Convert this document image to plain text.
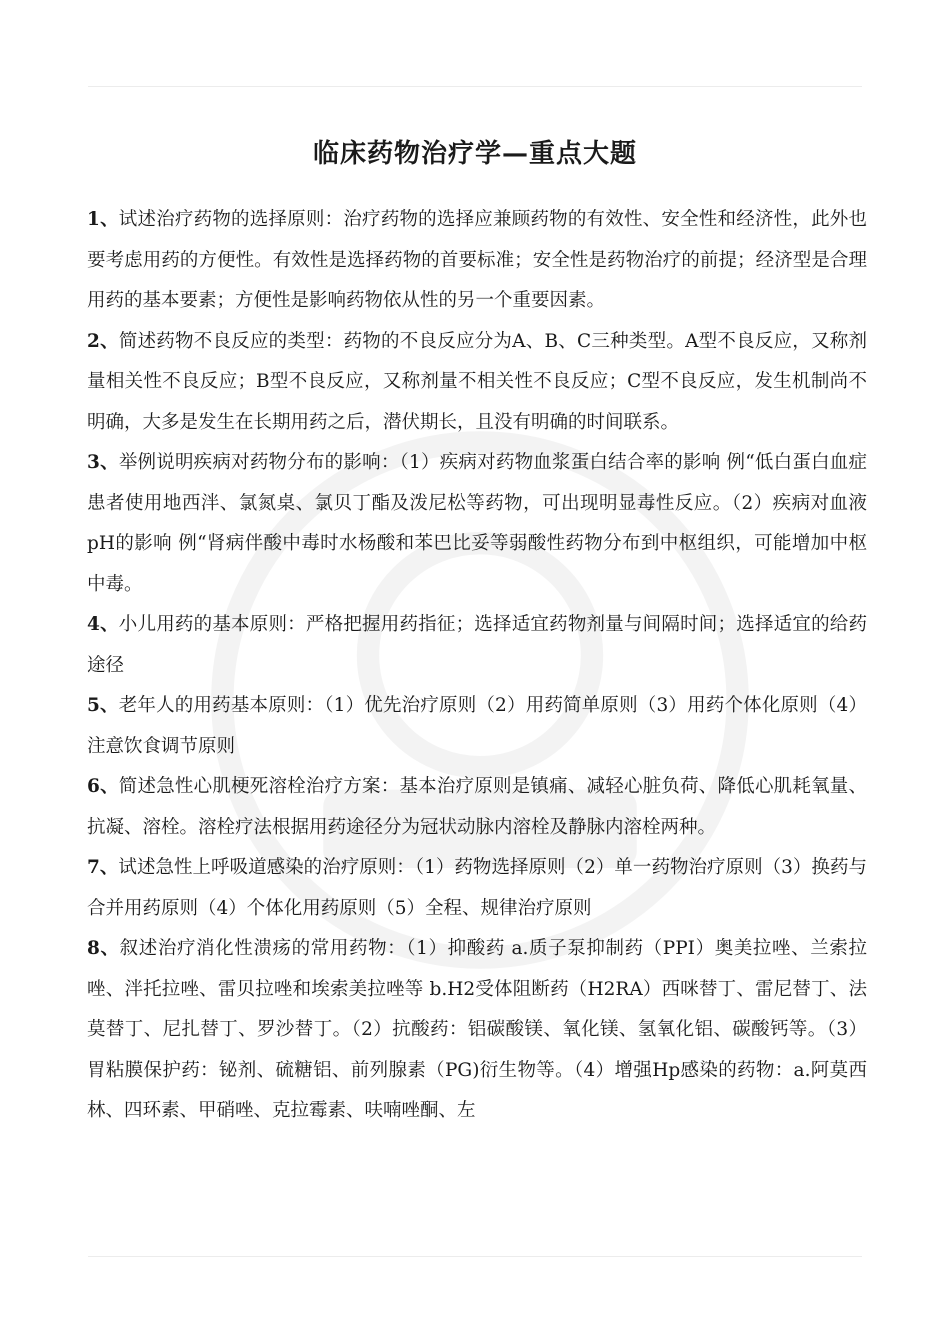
临床药物治疗学—重点大题

1、试述治疗药物的选择原则：治疗药物的选择应兼顾药物的有效性、安全性和经济性，此外也要考虑用药的方便性。有效性是选择药物的首要标准；安全性是药物治疗的前提；经济型是合理用药的基本要素；方便性是影响药物依从性的另一个重要因素。

2、简述药物不良反应的类型：药物的不良反应分为A、B、C三种类型。A型不良反应，又称剂量相关性不良反应；B型不良反应，又称剂量不相关性不良反应；C型不良反应，发生机制尚不明确，大多是发生在长期用药之后，潜伏期长，且没有明确的时间联系。

3、举例说明疾病对药物分布的影响：（1）疾病对药物血浆蛋白结合率的影响 例“低白蛋白血症患者使用地西泮、氯氮桌、氯贝丁酯及泼尼松等药物，可出现明显毒性反应。（2）疾病对血液pH的影响 例“肾病伴酸中毒时水杨酸和苯巴比妥等弱酸性药物分布到中枢组织，可能增加中枢中毒。

4、小儿用药的基本原则：严格把握用药指征；选择适宜药物剂量与间隔时间；选择适宜的给药途径

5、老年人的用药基本原则：（1）优先治疗原则（2）用药简单原则（3）用药个体化原则（4）注意饮食调节原则

6、简述急性心肌梗死溶栓治疗方案：基本治疗原则是镇痛、减轻心脏负荷、降低心肌耗氧量、抗凝、溶栓。溶栓疗法根据用药途径分为冠状动脉内溶栓及静脉内溶栓两种。

7、试述急性上呼吸道感染的治疗原则：（1）药物选择原则（2）单一药物治疗原则（3）换药与合并用药原则（4）个体化用药原则（5）全程、规律治疗原则

8、叙述治疗消化性溃疡的常用药物：（1）抑酸药 a.质子泵抑制药（PPI）奥美拉唑、兰索拉唑、泮托拉唑、雷贝拉唑和埃索美拉唑等 b.H2受体阻断药（H2RA）西咪替丁、雷尼替丁、法莫替丁、尼扎替丁、罗沙替丁。（2）抗酸药：铝碳酸镁、氧化镁、氢氧化铝、碳酸钙等。（3）胃粘膜保护药：铋剂、硫糖铝、前列腺素（PG)衍生物等。（4）增强Hp感染的药物：a.阿莫西林、四环素、甲硝唑、克拉霉素、呋喃唑酮、左
